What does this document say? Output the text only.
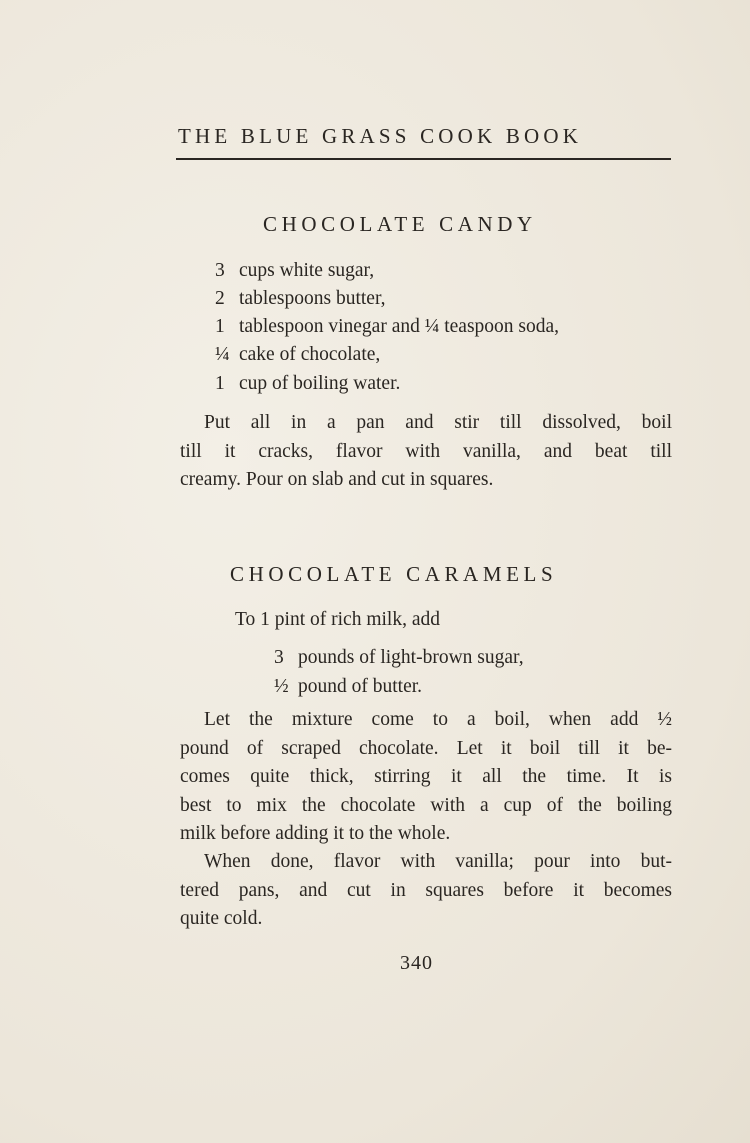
THE BLUE GRASS COOK BOOK
CHOCOLATE CANDY
3 cups white sugar,
2 tablespoons butter,
1 tablespoon vinegar and ¼ teaspoon soda,
¼ cake of chocolate,
1 cup of boiling water.
Put all in a pan and stir till dissolved, boil
till it cracks, flavor with vanilla, and beat till
creamy. Pour on slab and cut in squares.
CHOCOLATE CARAMELS
To 1 pint of rich milk, add
3 pounds of light-brown sugar,
½ pound of butter.
Let the mixture come to a boil, when add ½
pound of scraped chocolate. Let it boil till it be-
comes quite thick, stirring it all the time. It is
best to mix the chocolate with a cup of the boiling
milk before adding it to the whole.
When done, flavor with vanilla; pour into but-
tered pans, and cut in squares before it becomes
quite cold.
340
